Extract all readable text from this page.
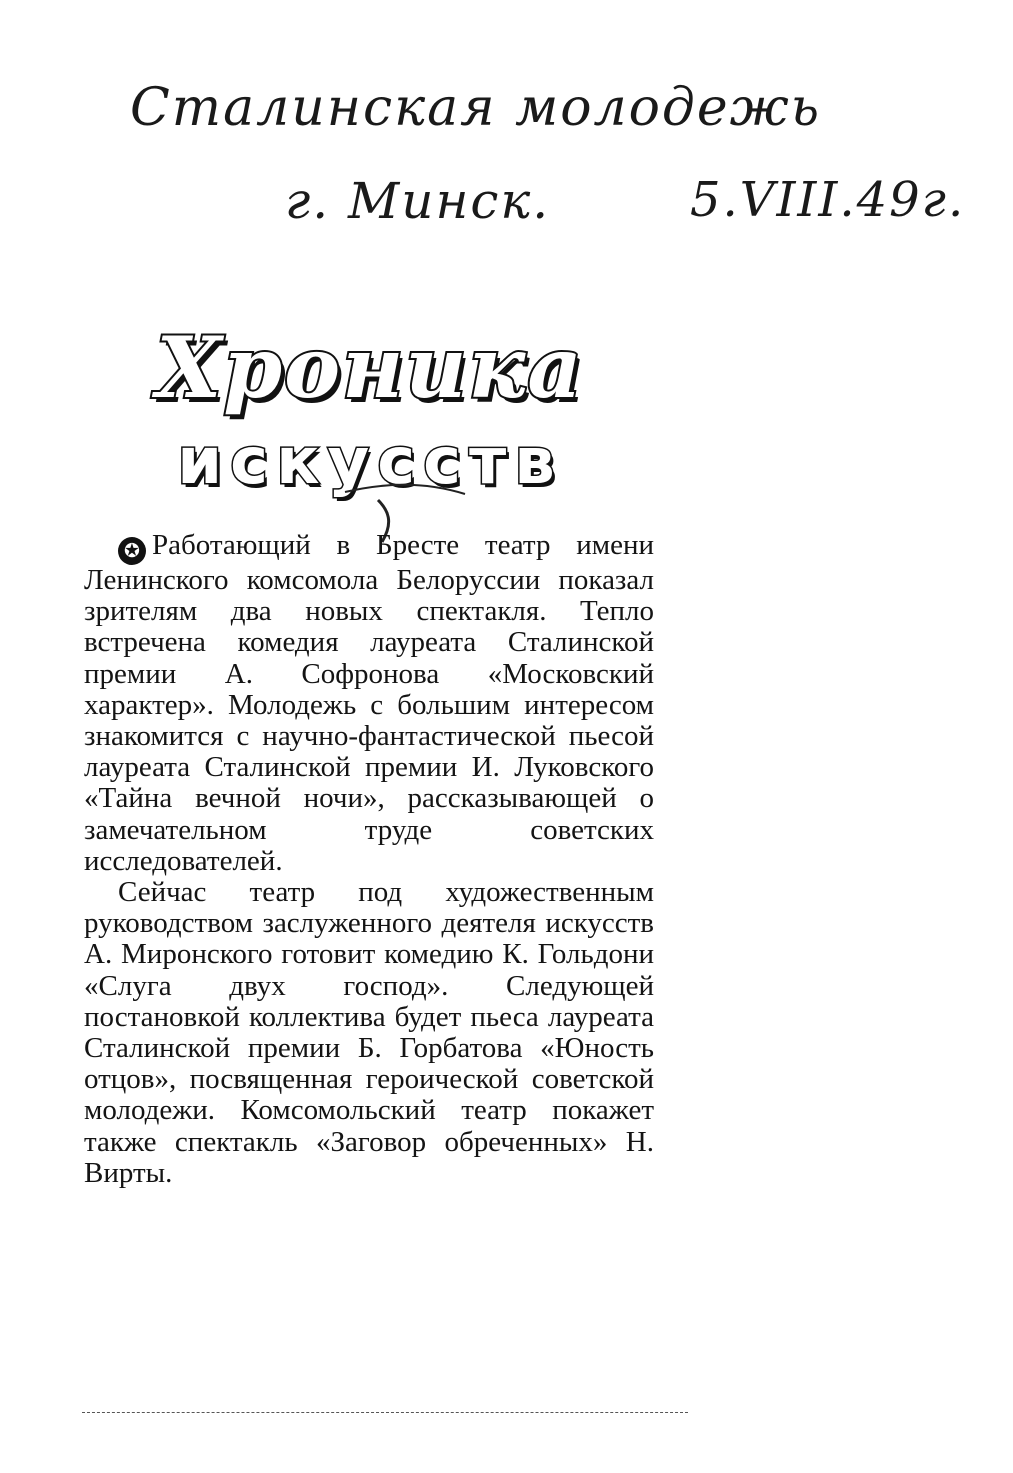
Сталинская молодежь
г. Минск.	5.VIII.49г.
Хроника
искусств

✪ Работающий в Бресте театр имени Ленинского комсомола Белоруссии показал зрителям два новых спектакля. Тепло встречена комедия лауреата Сталинской премии А. Софронова «Московский характер». Молодежь с большим интересом знакомится с научно-фантастической пьесой лауреата Сталинской премии И. Луковского «Тайна вечной ночи», рассказывающей о замечательном труде советских исследователей.

Сейчас театр под художественным руководством заслуженного деятеля искусств А. Миронского готовит комедию К. Гольдони «Слуга двух господ». Следующей постановкой коллектива будет пьеса лауреата Сталинской премии Б. Горбатова «Юность отцов», посвященная героической советской молодежи. Комсомольский театр покажет также спектакль «Заговор обреченных» Н. Вирты.
